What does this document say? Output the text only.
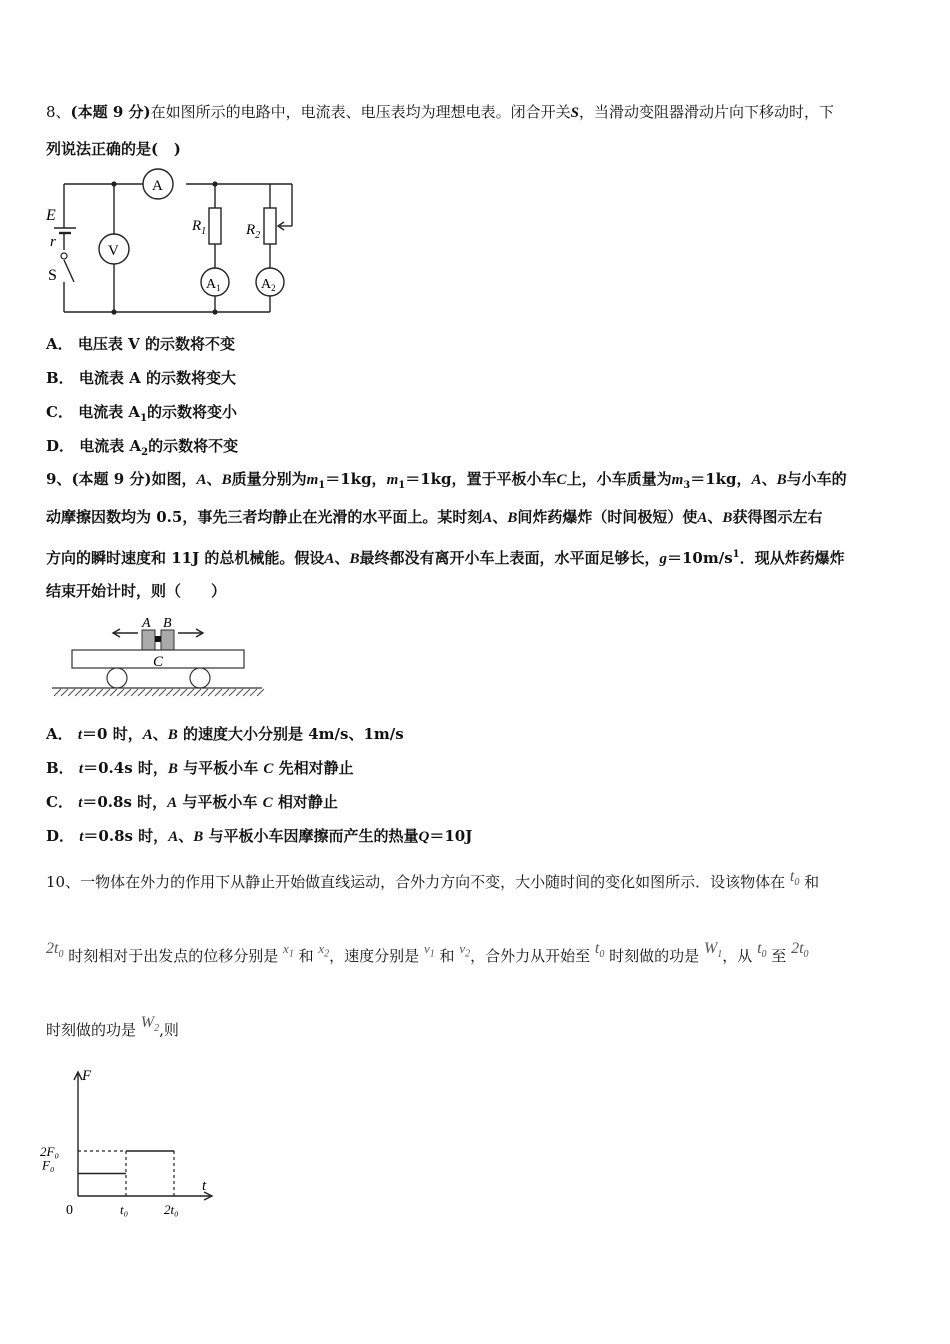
8、(本题 9 分)在如图所示的电路中，电流表、电压表均为理想电表。闭合开关S，当滑动变阻器滑动片向下移动时，下
列说法正确的是( )
E
r
S
A
V
$R_1$	$R_2$
$A_1$	$A_2$
A． 电压表 V 的示数将不变
B． 电流表 A 的示数将变大
C． 电流表 $A_1$的示数将变小
D． 电流表 $A_2$的示数将不变
9、(本题 9 分)如图，A、B质量分别为$m_1=1kg$，$m_1=1kg$，置于平板小车C上，小车质量为$m_3=1kg$，A、B与小车的
动摩擦因数均为 0.5，事先三者均静止在光滑的水平面上。某时刻A、B间炸药爆炸（时间极短）使A、B获得图示左右
方向的瞬时速度和 11J 的总机械能。假设A、B最终都没有离开小车上表面，水平面足够长，$g=10m/s^1$．现从炸药爆炸
结束开始计时，则（　　）
A B
C
A． t＝0 时，A、B 的速度大小分别是 4m/s、1m/s
B． t＝0.4s 时，B 与平板小车 C 先相对静止
C． t＝0.8s 时，A 与平板小车 C 相对静止
D． t＝0.8s 时，A、B 与平板小车因摩擦而产生的热量Q＝10J
10、一物体在外力的作用下从静止开始做直线运动，合外力方向不变，大小随时间的变化如图所示．设该物体在 $t_0$ 和
$2t_0$ 时刻相对于出发点的位移分别是 $x_1$ 和 $x_2$，速度分别是 $v_1$ 和 $v_2$，合外力从开始至 $t_0$ 时刻做的功是 $W_1$，从 $t_0$ 至 $2t_0$
时刻做的功是 $W_2$,则
0	t₀	2t₀
F₀
2F₀
F
t
